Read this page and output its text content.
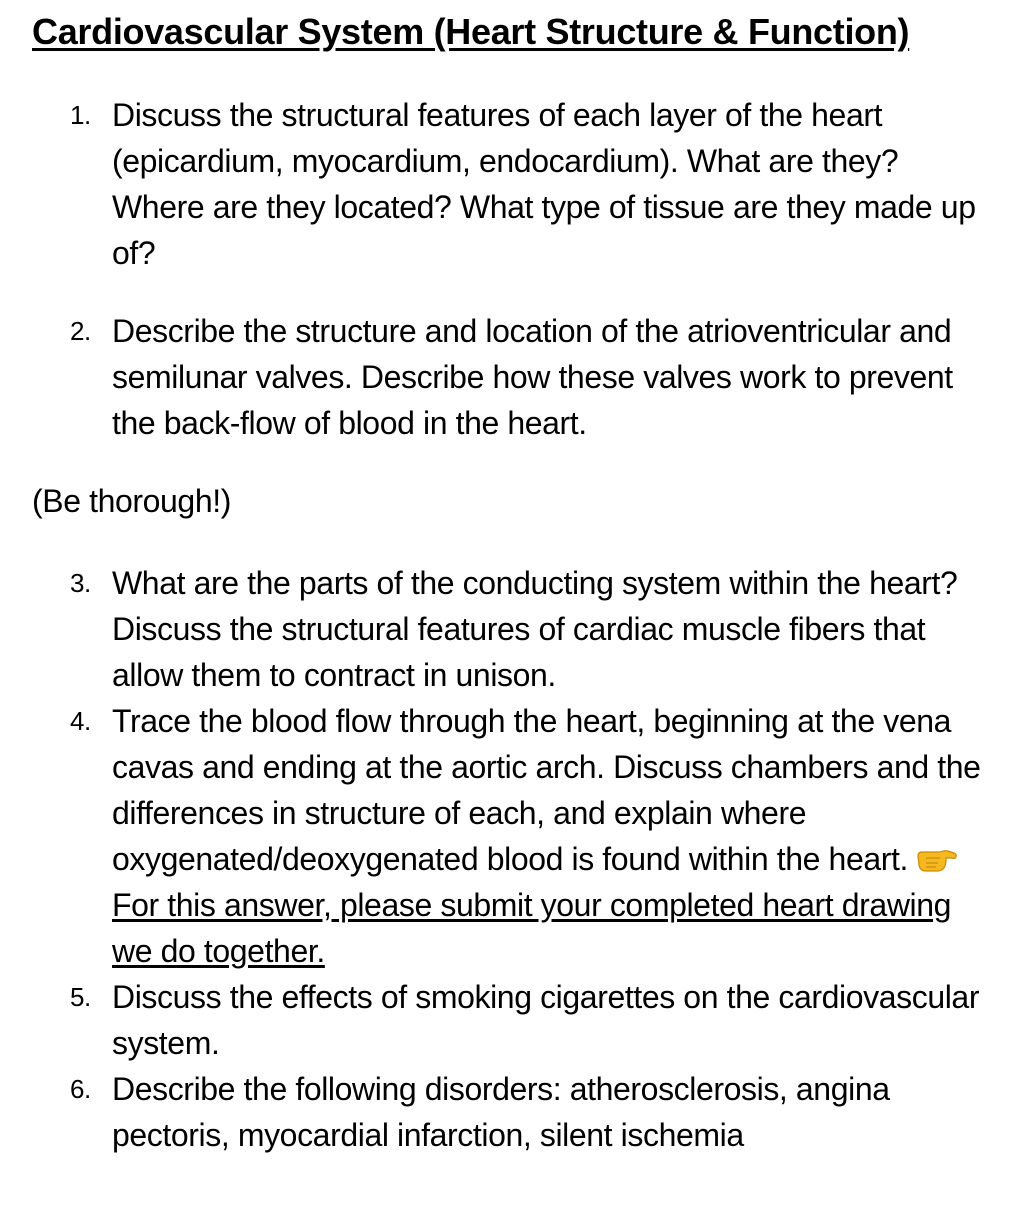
Cardiovascular System (Heart Structure & Function)
1. Discuss the structural features of each layer of the heart (epicardium, myocardium, endocardium). What are they? Where are they located? What type of tissue are they made up of?
2. Describe the structure and location of the atrioventricular and semilunar valves. Describe how these valves work to prevent the back-flow of blood in the heart.

(Be thorough!)

3. What are the parts of the conducting system within the heart? Discuss the structural features of cardiac muscle fibers that allow them to contract in unison.
4. Trace the blood flow through the heart, beginning at the vena cavas and ending at the aortic arch. Discuss chambers and the differences in structure of each, and explain where oxygenated/deoxygenated blood is found within the heart. For this answer, please submit your completed heart drawing we do together.
5. Discuss the effects of smoking cigarettes on the cardiovascular system.
6. Describe the following disorders: atherosclerosis, angina pectoris, myocardial infarction, silent ischemia
